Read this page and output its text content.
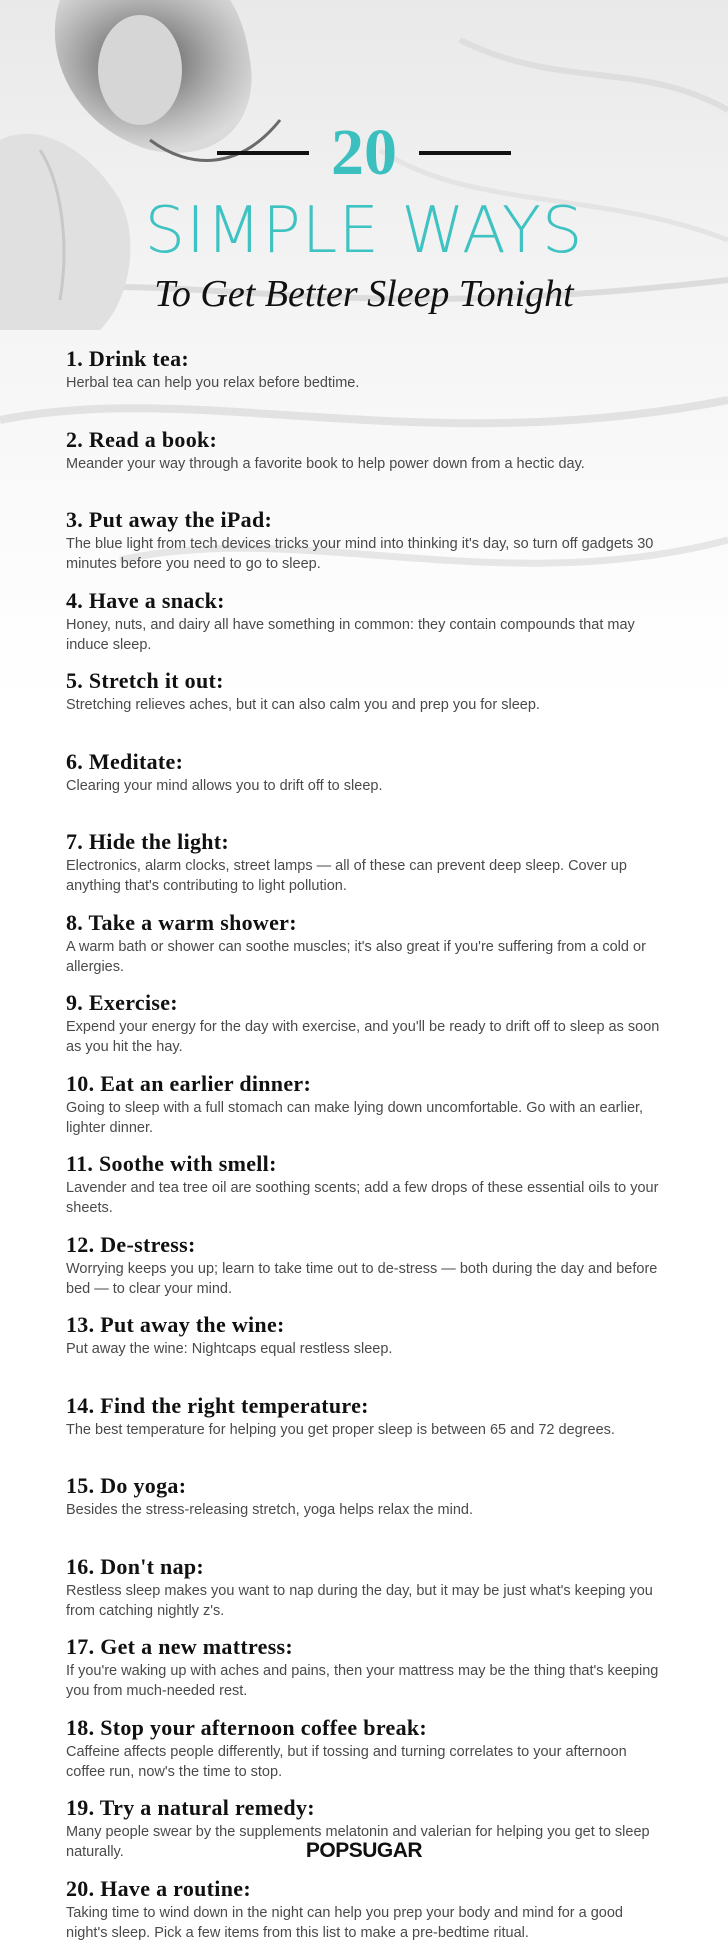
20
SIMPLE WAYS
To Get Better Sleep Tonight
1. Drink tea:
Herbal tea can help you relax before bedtime.
2. Read a book:
Meander your way through a favorite book to help power down from a hectic day.
3. Put away the iPad:
The blue light from tech devices tricks your mind into thinking it's day, so turn off gadgets 30 minutes before you need to go to sleep.
4. Have a snack:
Honey, nuts, and dairy all have something in common: they contain compounds that may induce sleep.
5. Stretch it out:
Stretching relieves aches, but it can also calm you and prep you for sleep.
6. Meditate:
Clearing your mind allows you to drift off to sleep.
7. Hide the light:
Electronics, alarm clocks, street lamps — all of these can prevent deep sleep. Cover up anything that's contributing to light pollution.
8. Take a warm shower:
A warm bath or shower can soothe muscles; it's also great if you're suffering from a cold or allergies.
9. Exercise:
Expend your energy for the day with exercise, and you'll be ready to drift off to sleep as soon as you hit the hay.
10. Eat an earlier dinner:
Going to sleep with a full stomach can make lying down uncomfortable. Go with an earlier, lighter dinner.
11. Soothe with smell:
Lavender and tea tree oil are soothing scents; add a few drops of these essential oils to your sheets.
12. De-stress:
Worrying keeps you up; learn to take time out to de-stress — both during the day and before bed — to clear your mind.
13. Put away the wine:
Put away the wine: Nightcaps equal restless sleep.
14. Find the right temperature:
The best temperature for helping you get proper sleep is between 65 and 72 degrees.
15. Do yoga:
Besides the stress-releasing stretch, yoga helps relax the mind.
16. Don't nap:
Restless sleep makes you want to nap during the day, but it may be just what's keeping you from catching nightly z's.
17. Get a new mattress:
If you're waking up with aches and pains, then your mattress may be the thing that's keeping you from much-needed rest.
18. Stop your afternoon coffee break:
Caffeine affects people differently, but if tossing and turning correlates to your afternoon coffee run, now's the time to stop.
19. Try a natural remedy:
Many people swear by the supplements melatonin and valerian for helping you get to sleep naturally.
20. Have a routine:
Taking time to wind down in the night can help you prep your body and mind for a good night's sleep. Pick a few items from this list to make a pre-bedtime ritual.
POPSUGAR
